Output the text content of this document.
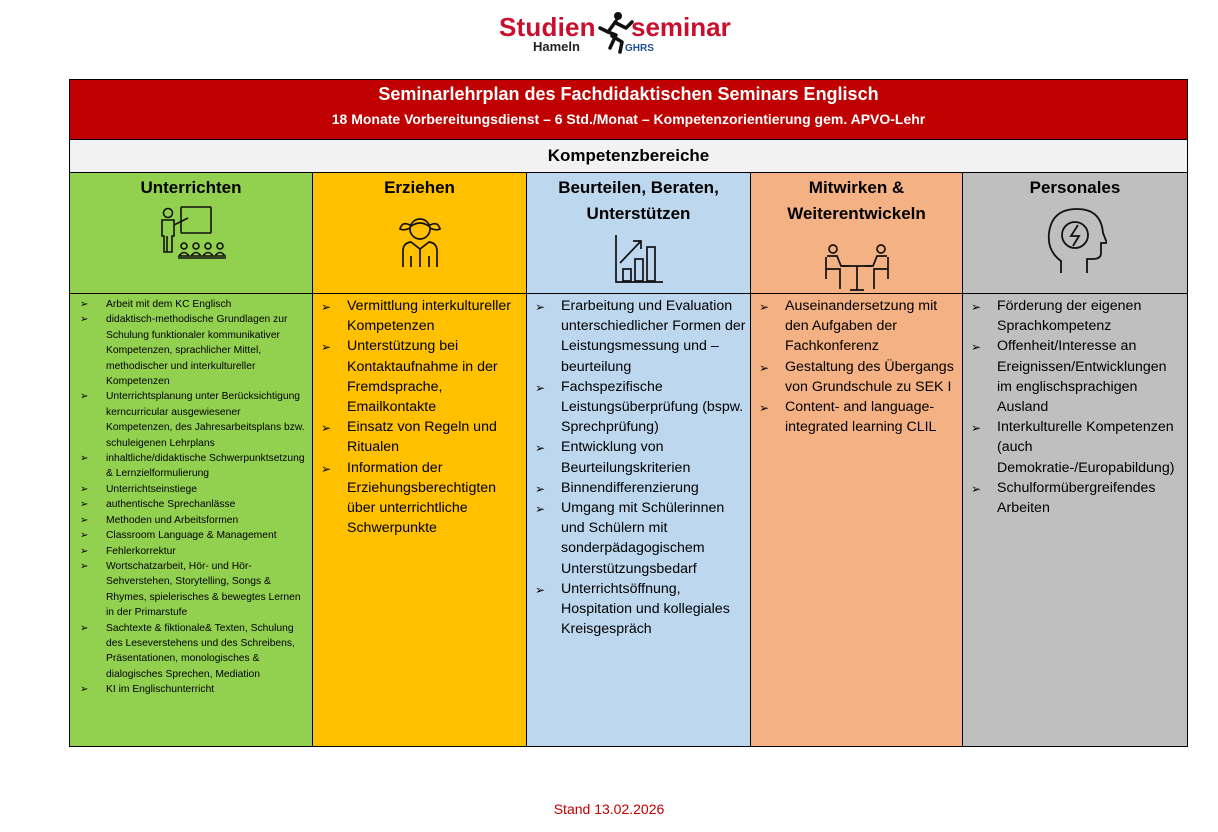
Studien seminar
Hameln	GHRS
Seminarlehrplan des Fachdidaktischen Seminars Englisch
18 Monate Vorbereitungsdienst – 6 Std./Monat – Kompetenzorientierung gem. APVO-Lehr
Kompetenzbereiche
Unterrichten
➢ Arbeit mit dem KC Englisch
➢ didaktisch-methodische Grundlagen zur Schulung funktionaler kommunikativer Kompetenzen, sprachlicher Mittel, methodischer und interkultureller Kompetenzen
➢ Unterrichtsplanung unter Berücksichtigung kerncurricular ausgewiesener Kompetenzen, des Jahresarbeitsplans bzw. schuleigenen Lehrplans
➢ inhaltliche/didaktische Schwerpunktsetzung & Lernzielformulierung
➢ Unterrichtseinstiege
➢ authentische Sprechanlässe
➢ Methoden und Arbeitsformen
➢ Classroom Language & Management
➢ Fehlerkorrektur
➢ Wortschatzarbeit, Hör- und Hör-Sehverstehen, Storytelling, Songs & Rhymes, spielerisches & bewegtes Lernen in der Primarstufe
➢ Sachtexte & fiktionale& Texten, Schulung des Leseverstehens und des Schreibens, Präsentationen, monologisches & dialogisches Sprechen, Mediation
➢ KI im Englischunterricht
Erziehen
➢ Vermittlung interkultureller Kompetenzen
➢ Unterstützung bei Kontaktaufnahme in der Fremdsprache, Emailkontakte
➢ Einsatz von Regeln und Ritualen
➢ Information der Erziehungsberechtigten über unterrichtliche Schwerpunkte
Beurteilen, Beraten, Unterstützen
➢ Erarbeitung und Evaluation unterschiedlicher Formen der Leistungsmessung und –beurteilung
➢ Fachspezifische Leistungsüberprüfung (bspw. Sprechprüfung)
➢ Entwicklung von Beurteilungskriterien
➢ Binnendifferenzierung
➢ Umgang mit Schülerinnen und Schülern mit sonderpädagogischem Unterstützungsbedarf
➢ Unterrichtsöffnung, Hospitation und kollegiales Kreisgespräch
Mitwirken & Weiterentwickeln
➢ Auseinandersetzung mit den Aufgaben der Fachkonferenz
➢ Gestaltung des Übergangs von Grundschule zu SEK I
➢ Content- and language-integrated learning CLIL
Personales
➢ Förderung der eigenen Sprachkompetenz
➢ Offenheit/Interesse an Ereignissen/Entwicklungen im englischsprachigen Ausland
➢ Interkulturelle Kompetenzen (auch Demokratie-/Europabildung)
➢ Schulformübergreifendes Arbeiten
Stand 13.02.2026
